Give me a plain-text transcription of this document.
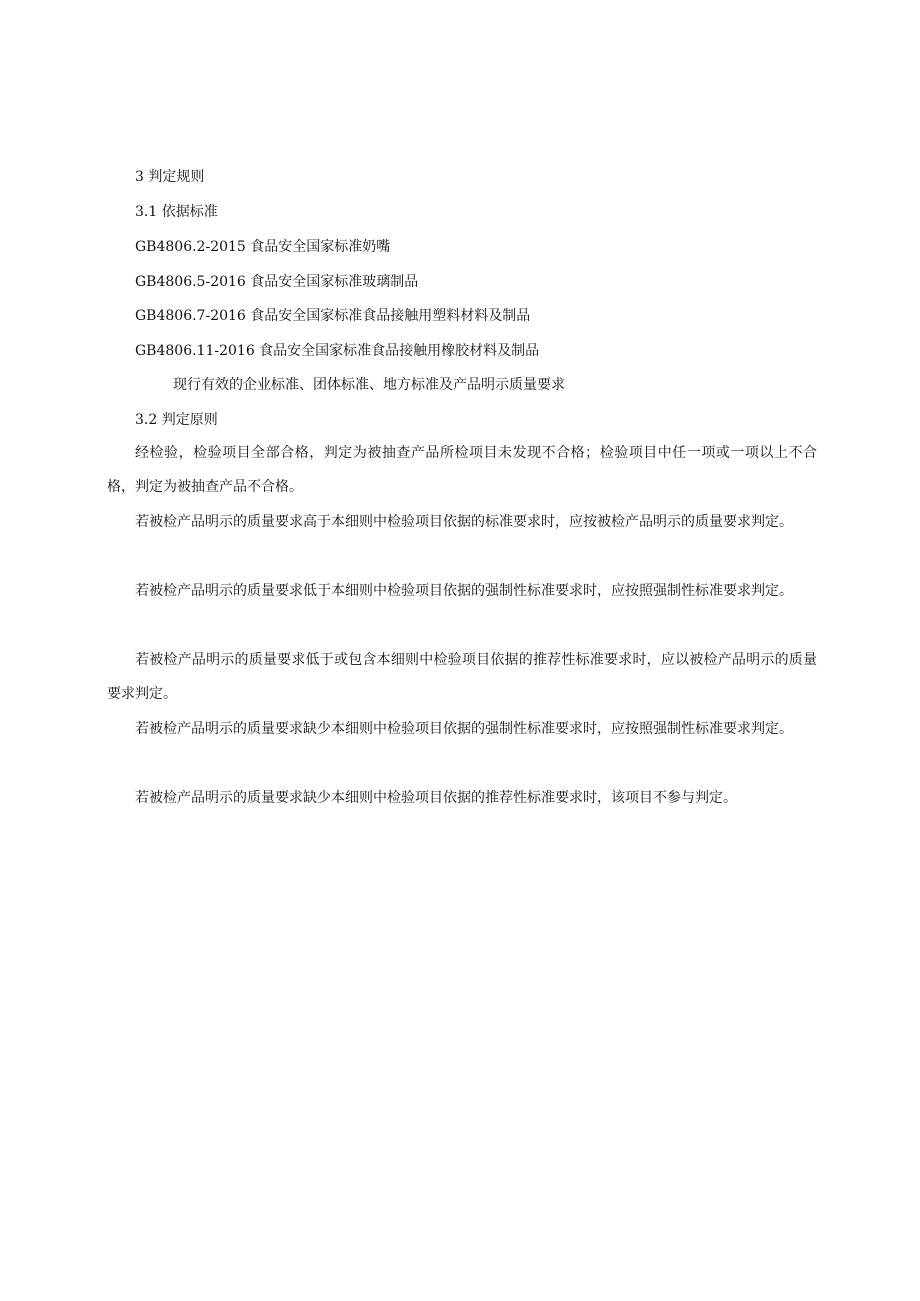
3 判定规则
3.1 依据标准
GB4806.2-2015 食品安全国家标准奶嘴
GB4806.5-2016 食品安全国家标准玻璃制品
GB4806.7-2016 食品安全国家标准食品接触用塑料材料及制品
GB4806.11-2016 食品安全国家标准食品接触用橡胶材料及制品
现行有效的企业标准、团体标准、地方标准及产品明示质量要求
3.2 判定原则

经检验，检验项目全部合格，判定为被抽查产品所检项目未发现不合格；检验项目中任一项或一项以上不合格，判定为被抽查产品不合格。

若被检产品明示的质量要求高于本细则中检验项目依据的标准要求时，应按被检产品明示的质量要求判定。

若被检产品明示的质量要求低于本细则中检验项目依据的强制性标准要求时，应按照强制性标准要求判定。

若被检产品明示的质量要求低于或包含本细则中检验项目依据的推荐性标准要求时，应以被检产品明示的质量要求判定。

若被检产品明示的质量要求缺少本细则中检验项目依据的强制性标准要求时，应按照强制性标准要求判定。

若被检产品明示的质量要求缺少本细则中检验项目依据的推荐性标准要求时，该项目不参与判定。
